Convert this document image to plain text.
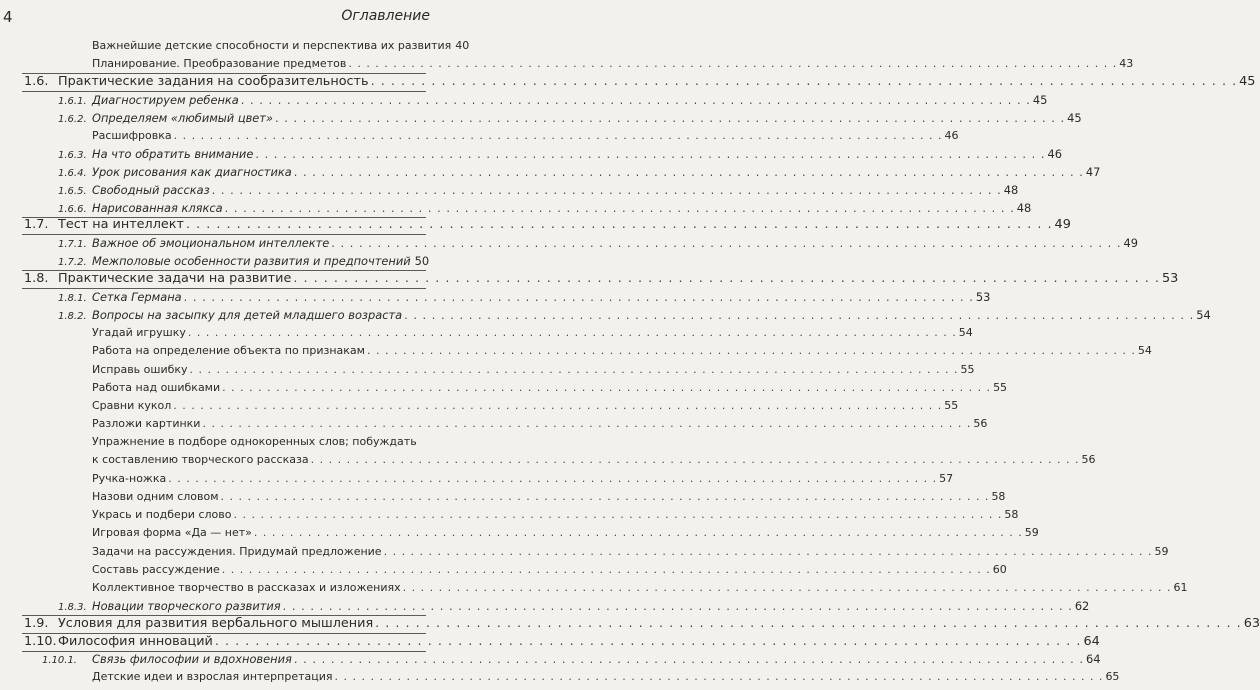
4	Оглавление
Важнейшие детские способности и перспектива их развития 40
Планирование. Преобразование предметов . . .	43
1.6. Практические задания на сообразительность . . .	45
1.6.1. Диагностируем ребенка . . .	45
1.6.2. Определяем «любимый цвет» . . .	45
Расшифровка . . .	46
1.6.3. На что обратить внимание . . .	46
1.6.4. Урок рисования как диагностика . . .	47
1.6.5. Свободный рассказ . . .	48
1.6.6. Нарисованная клякса . . .	48
1.7. Тест на интеллект . . .	49
1.7.1. Важное об эмоциональном интеллекте . . .	49
1.7.2. Межполовые особенности развития и предпочтений 50
1.8. Практические задачи на развитие . . .	53
1.8.1. Сетка Германа . . .	53
1.8.2. Вопросы на засыпку для детей младшего возраста . . .	54
Угадай игрушку . . .	54
Работа на определение объекта по признакам . . .	54
Исправь ошибку . . .	55
Работа над ошибками . . .	55
Сравни кукол . . .	55
Разложи картинки . . .	56
Упражнение в подборе однокоренных слов; побуждать
к составлению творческого рассказа . . .	56
Ручка-ножка . . .	57
Назови одним словом . . .	58
Укрась и подбери слово . . .	58
Игровая форма «Да — нет» . . .	59
Задачи на рассуждения. Придумай предложение . . .	59
Составь рассуждение . . .	60
Коллективное творчество в рассказах и изложениях . . .	61
1.8.3. Новации творческого развития . . .	62
1.9. Условия для развития вербального мышления . . .	63
1.10. Философия инноваций . . .	64
1.10.1.	Связь философии и вдохновения . . .	64
Детские идеи и взрослая интерпретация . . .	65
